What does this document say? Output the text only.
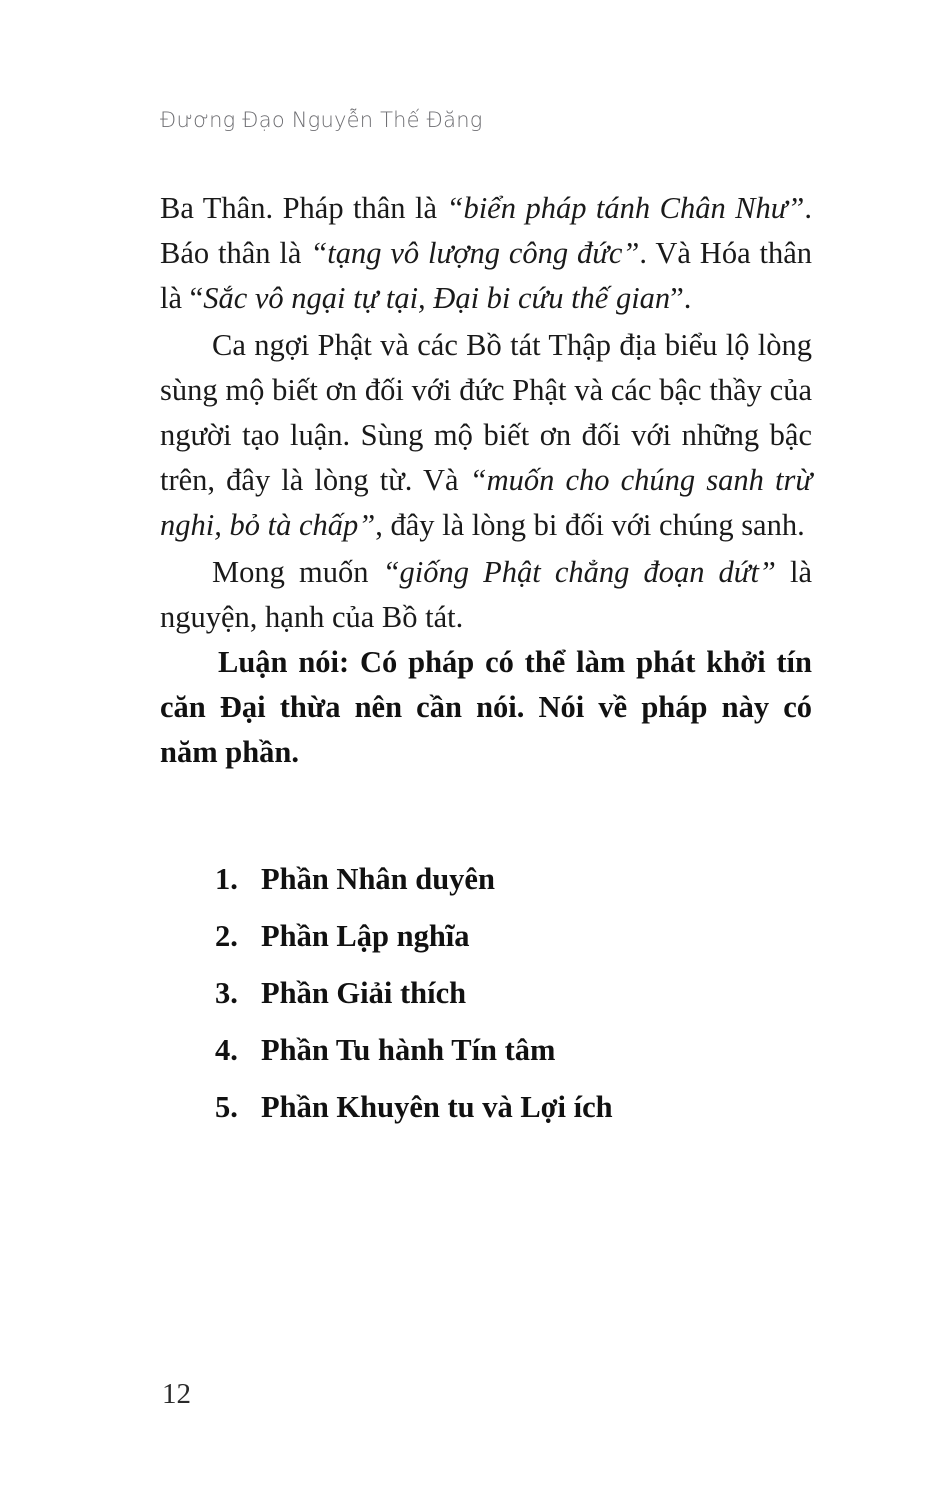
Đương Đạo Nguyễn Thế Đăng

Ba Thân. Pháp thân là “biển pháp tánh Chân Như”. Báo thân là “tạng vô lượng công đức”. Và Hóa thân là “Sắc vô ngại tự tại, Đại bi cứu thế gian”.

Ca ngợi Phật và các Bồ tát Thập địa biểu lộ lòng sùng mộ biết ơn đối với đức Phật và các bậc thầy của người tạo luận. Sùng mộ biết ơn đối với những bậc trên, đây là lòng từ. Và “muốn cho chúng sanh trừ nghi, bỏ tà chấp”, đây là lòng bi đối với chúng sanh.

Mong muốn “giống Phật chẳng đoạn dứt” là nguyện, hạnh của Bồ tát.

Luận nói: Có pháp có thể làm phát khởi tín căn Đại thừa nên cần nói. Nói về pháp này có năm phần.

1. Phần Nhân duyên
2. Phần Lập nghĩa
3. Phần Giải thích
4. Phần Tu hành Tín tâm
5. Phần Khuyên tu và Lợi ích
12
